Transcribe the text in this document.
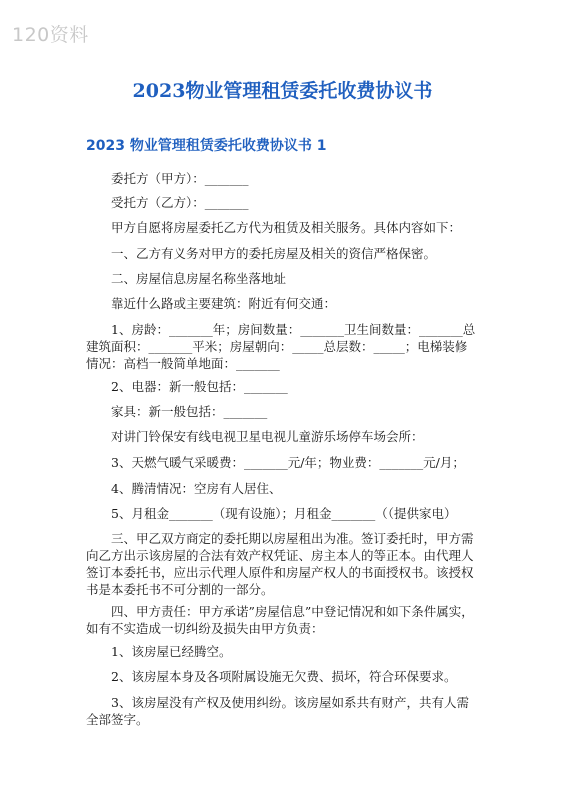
120资料
2023物业管理租赁委托收费协议书
2023 物业管理租赁委托收费协议书 1

委托方（甲方）：_______

受托方（乙方）：_______

甲方自愿将房屋委托乙方代为租赁及相关服务。具体内容如下：

一、乙方有义务对甲方的委托房屋及相关的资信严格保密。

二、房屋信息房屋名称坐落地址

靠近什么路或主要建筑：附近有何交通：

1、房龄：_______年；房间数量：_______卫生间数量：_______总建筑面积：_______平米；房屋朝向：_____总层数：_____；电梯装修情况：高档一般简单地面：_______

2、电器：新一般包括：_______

家具：新一般包括：_______

对讲门铃保安有线电视卫星电视儿童游乐场停车场会所：

3、天燃气暖气采暖费：_______元/年；物业费：_______元/月；

4、腾清情况：空房有人居住、

5、月租金_______（现有设施）；月租金_______（（提供家电）

三、甲乙双方商定的委托期以房屋租出为准。签订委托时，甲方需向乙方出示该房屋的合法有效产权凭证、房主本人的等正本。由代理人签订本委托书，应出示代理人原件和房屋产权人的书面授权书。该授权书是本委托书不可分割的一部分。

四、甲方责任：甲方承诺”房屋信息”中登记情况和如下条件属实，如有不实造成一切纠纷及损失由甲方负责：

1、该房屋已经腾空。

2、该房屋本身及各项附属设施无欠费、损坏，符合环保要求。

3、该房屋没有产权及使用纠纷。该房屋如系共有财产，共有人需全部签字。
